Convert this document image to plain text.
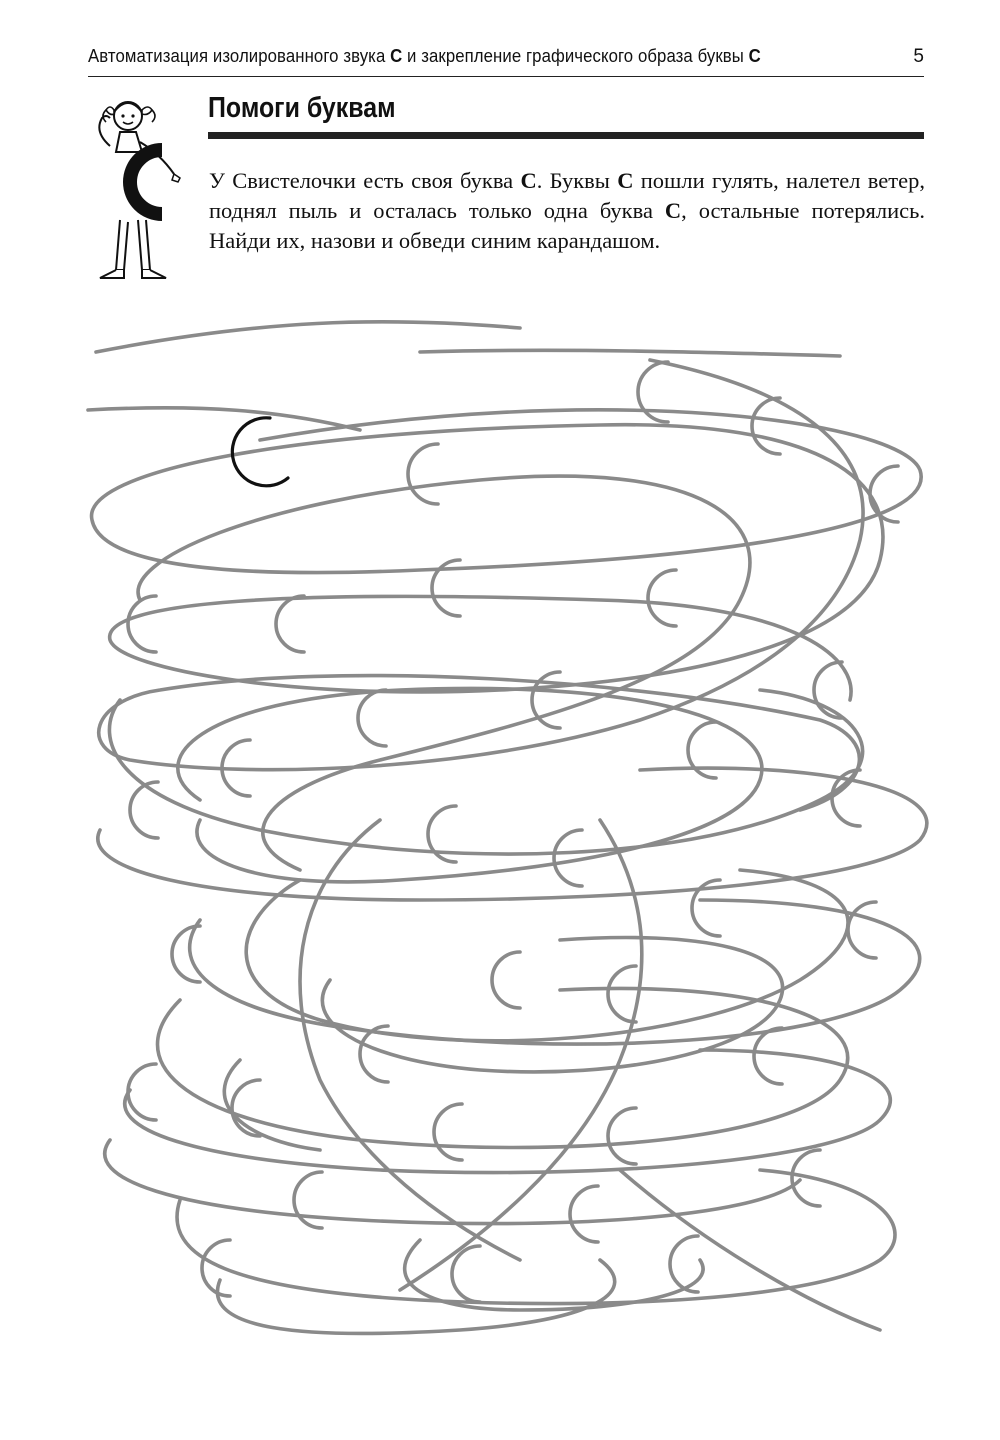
Автоматизация изолированного звука С и закрепление графического образа буквы С	5
Помоги буквам
У Свистелочки есть своя буква С. Буквы С пошли гулять, налетел ветер, поднял пыль и осталась только одна буква С, остальные потерялись. Найди их, назови и обведи синим карандашом.
